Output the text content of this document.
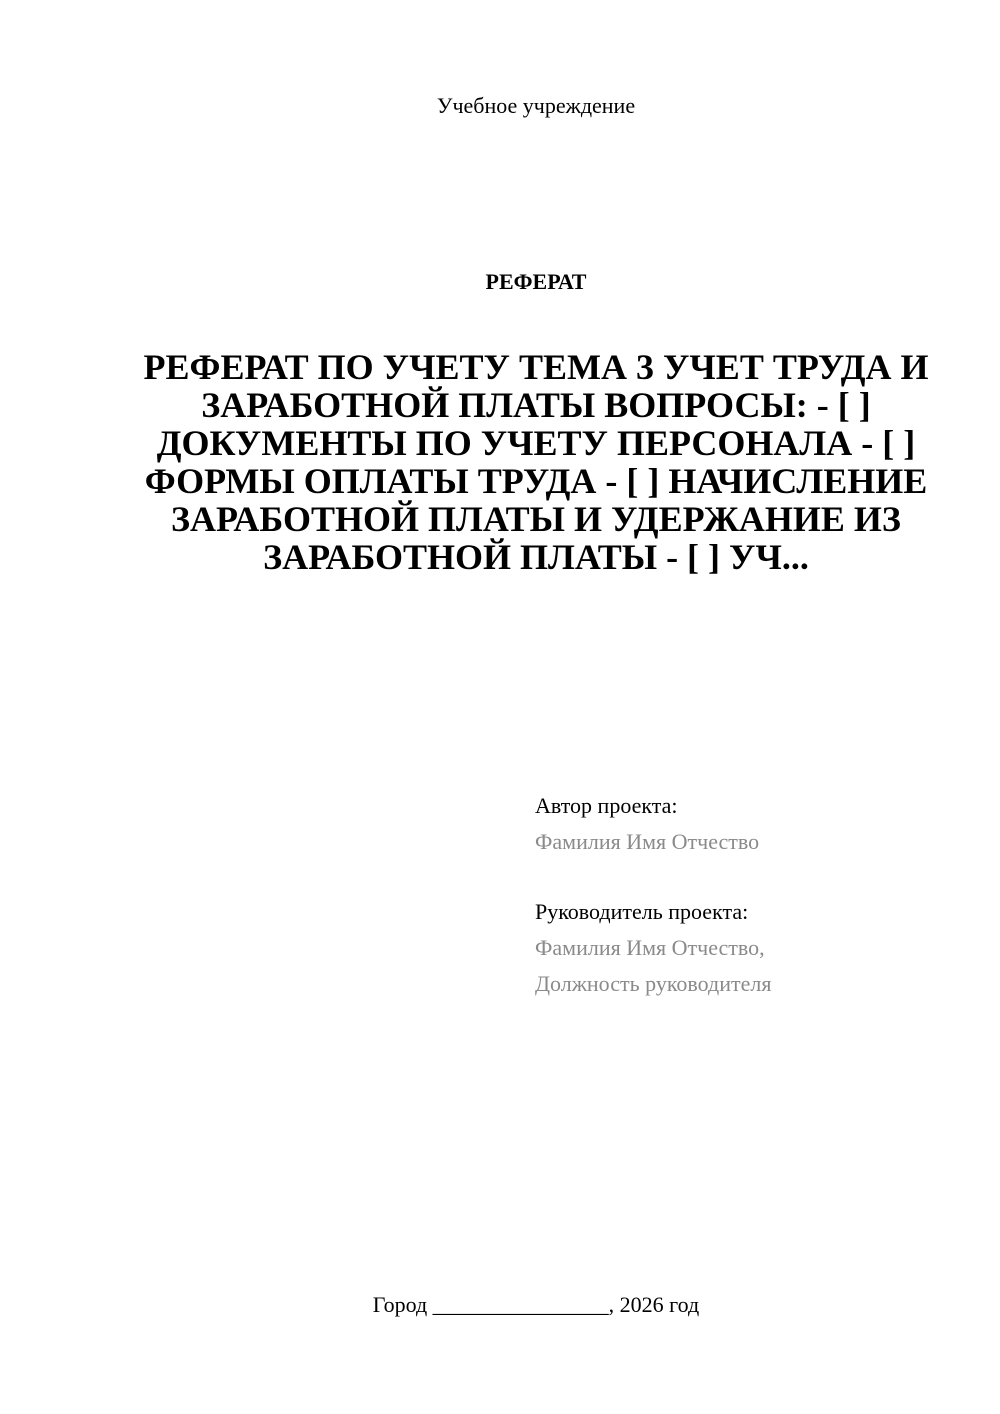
Учебное учреждение
РЕФЕРАТ
РЕФЕРАТ ПО УЧЕТУ ТЕМА 3 УЧЕТ ТРУДА И ЗАРАБОТНОЙ ПЛАТЫ ВОПРОСЫ: - [ ] ДОКУМЕНТЫ ПО УЧЕТУ ПЕРСОНАЛА - [ ] ФОРМЫ ОПЛАТЫ ТРУДА - [ ] НАЧИСЛЕНИЕ ЗАРАБОТНОЙ ПЛАТЫ И УДЕРЖАНИЕ ИЗ ЗАРАБОТНОЙ ПЛАТЫ - [ ] УЧ...
Автор проекта:
Фамилия Имя Отчество
Руководитель проекта:
Фамилия Имя Отчество,
Должность руководителя
Город ________________, 2026 год
